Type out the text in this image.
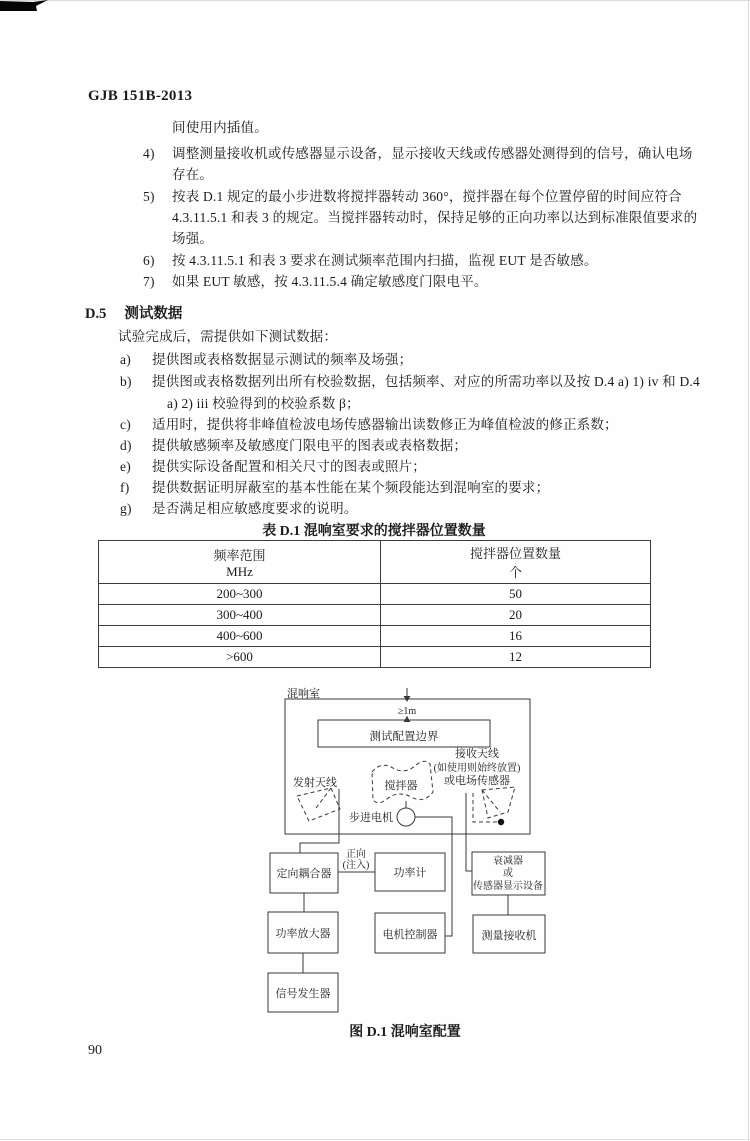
GJB 151B-2013
间使用内插值。
4) 调整测量接收机或传感器显示设备，显示接收天线或传感器处测得到的信号，确认电场
存在。
5) 按表 D.1 规定的最小步进数将搅拌器转动 360°，搅拌器在每个位置停留的时间应符合
4.3.11.5.1 和表 3 的规定。当搅拌器转动时，保持足够的正向功率以达到标准限值要求的
场强。
6) 按 4.3.11.5.1 和表 3 要求在测试频率范围内扫描，监视 EUT 是否敏感。
7) 如果 EUT 敏感，按 4.3.11.5.4 确定敏感度门限电平。
D.5 测试数据
试验完成后，需提供如下测试数据：
a) 提供图或表格数据显示测试的频率及场强；
b) 提供图或表格数据列出所有校验数据，包括频率、对应的所需功率以及按 D.4 a) 1) iv 和 D.4
a) 2) iii 校验得到的校验系数 β；
c) 适用时，提供将非峰值检波电场传感器输出读数修正为峰值检波的修正系数；
d) 提供敏感频率及敏感度门限电平的图表或表格数据；
e) 提供实际设备配置和相关尺寸的图表或照片；
f) 提供数据证明屏蔽室的基本性能在某个频段能达到混响室的要求；
g) 是否满足相应敏感度要求的说明。
表 D.1 混响室要求的搅拌器位置数量
频率范围
MHz

搅拌器位置数量
个

200~300	50
300~400	20
400~600	16
>600	12
混响室
≥1m
测试配置边界
发射天线	搅拌器
步进电机
接收天线
(如使用则始终放置)
或电场传感器
正向
(注入)
定向耦合器	功率计
衰减器
或
传感器显示设备
功率放大器	电机控制器	测量接收机
信号发生器
图 D.1 混响室配置
90
